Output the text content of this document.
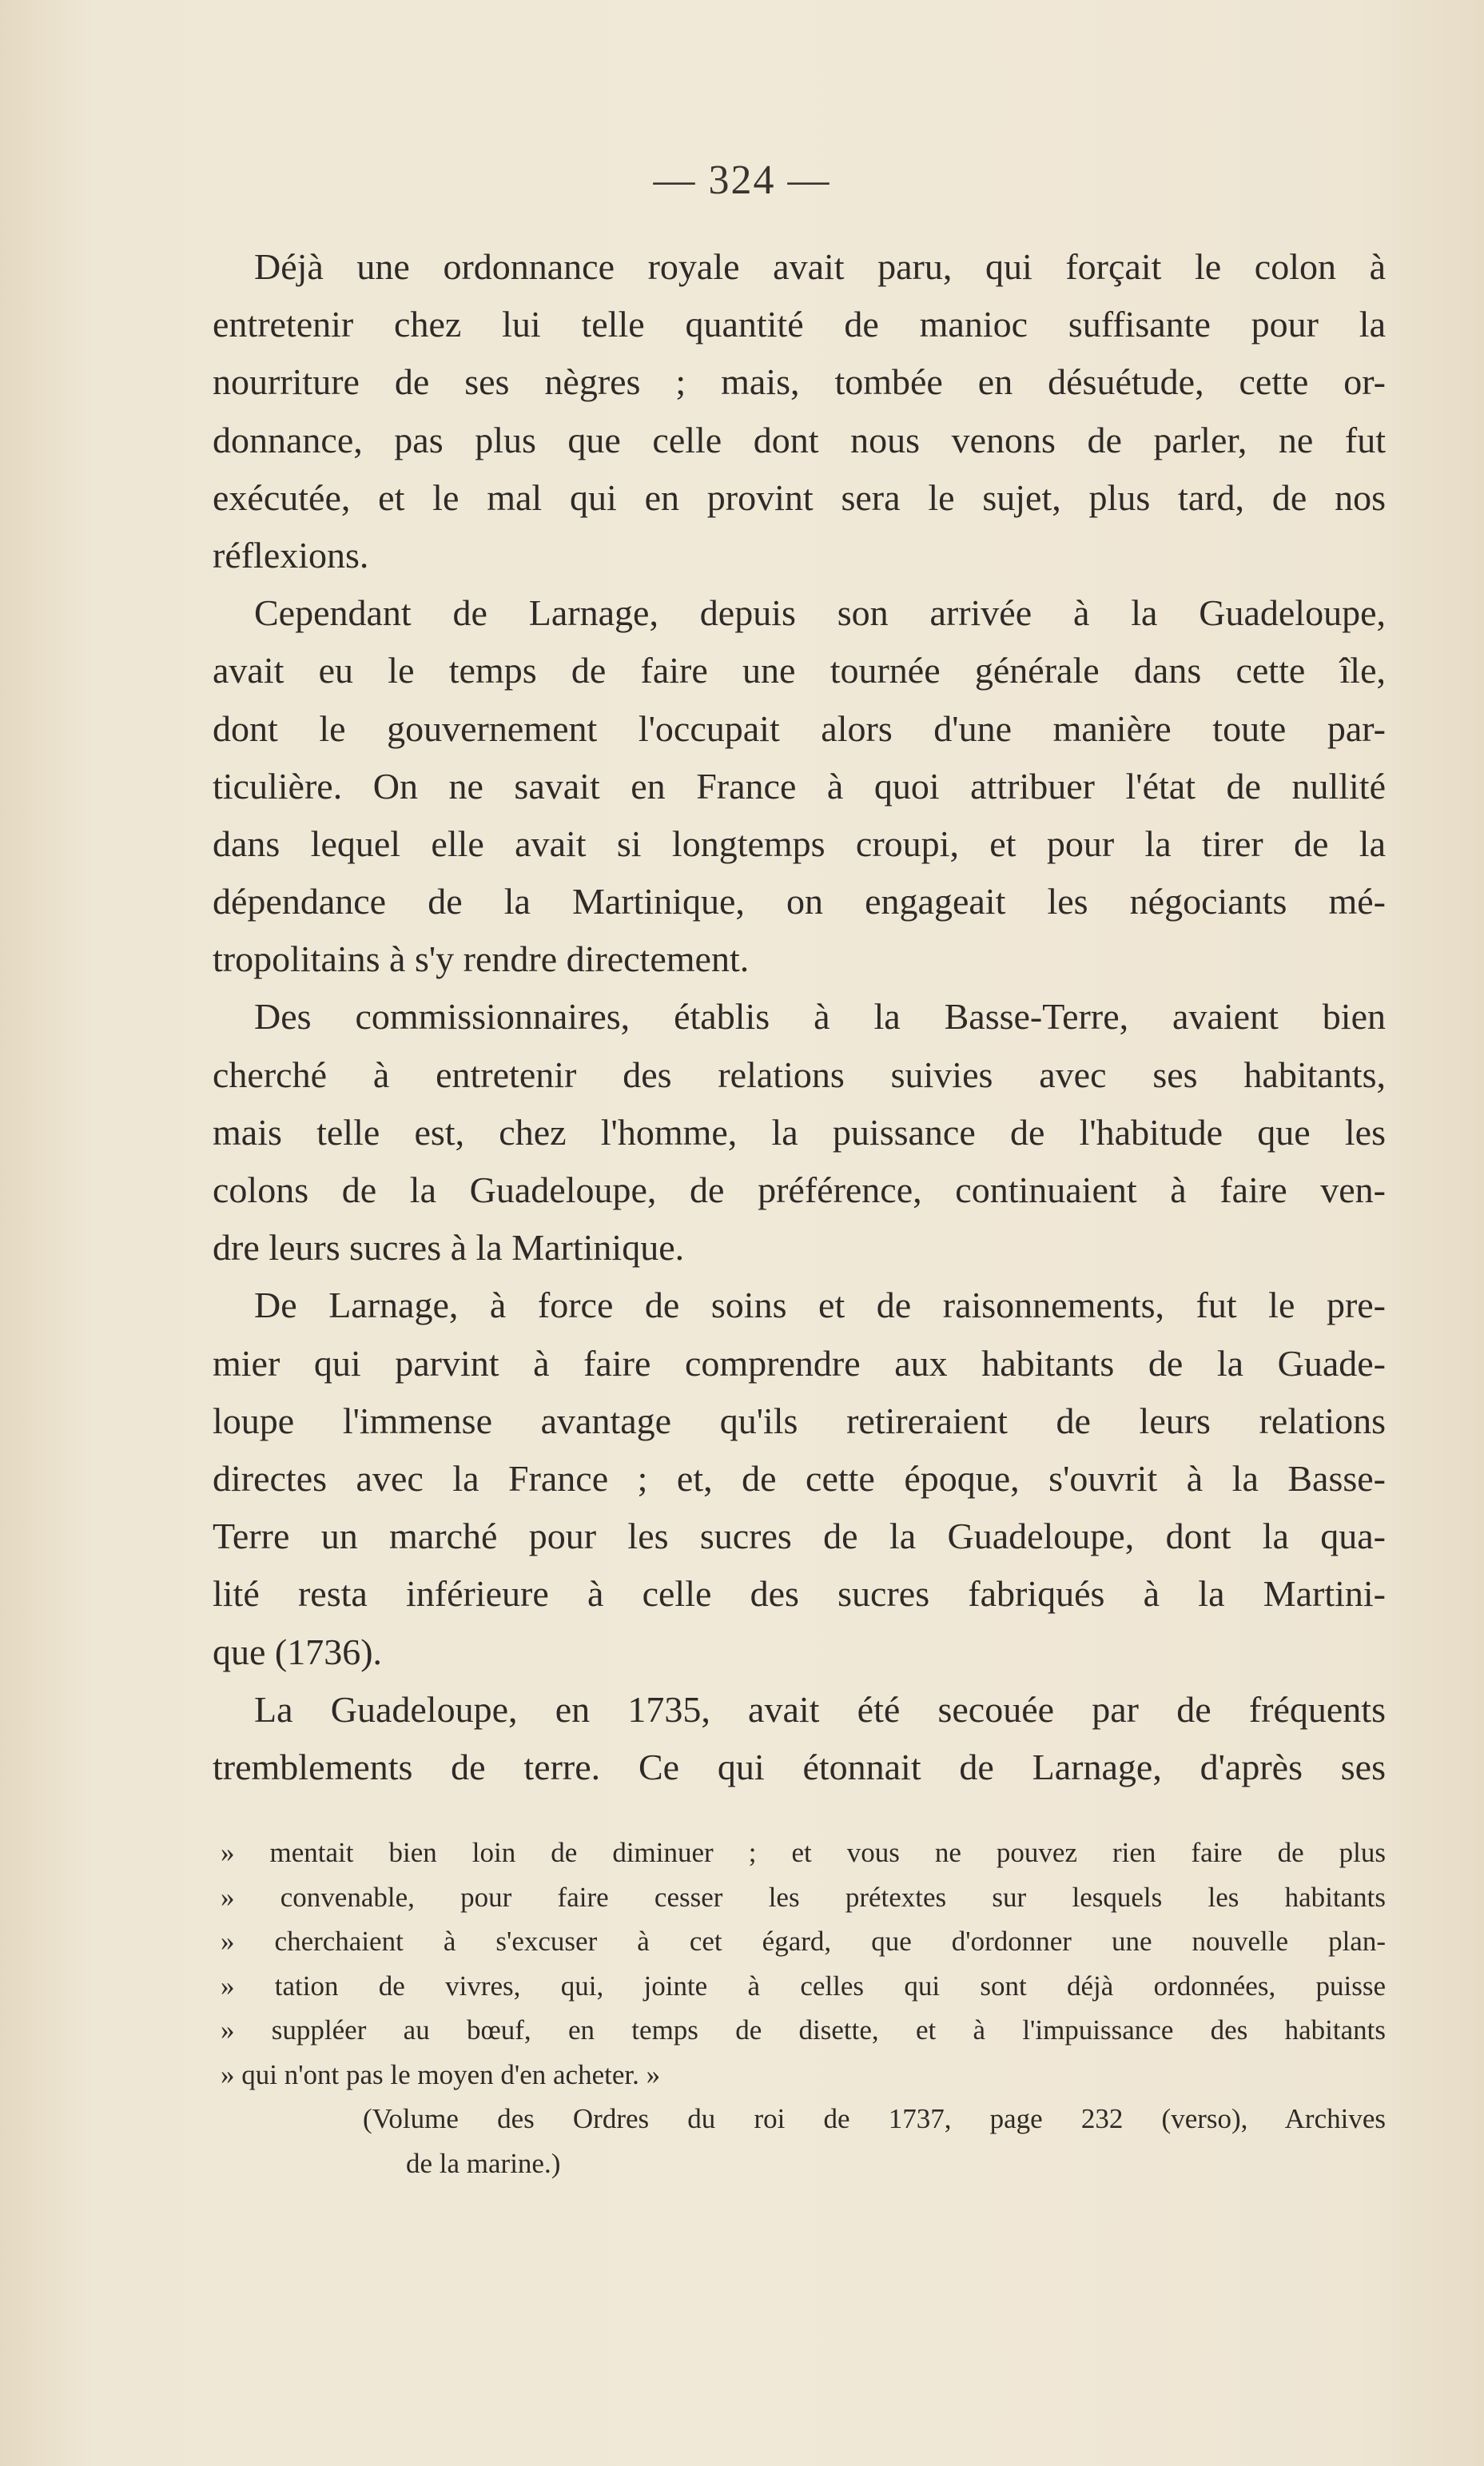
— 324 —
Déjà une ordonnance royale avait paru, qui forçait le colon à
entretenir chez lui telle quantité de manioc suffisante pour la
nourriture de ses nègres ; mais, tombée en désuétude, cette or-
donnance, pas plus que celle dont nous venons de parler, ne fut
exécutée, et le mal qui en provint sera le sujet, plus tard, de nos
réflexions.
Cependant de Larnage, depuis son arrivée à la Guadeloupe,
avait eu le temps de faire une tournée générale dans cette île,
dont le gouvernement l'occupait alors d'une manière toute par-
ticulière. On ne savait en France à quoi attribuer l'état de nullité
dans lequel elle avait si longtemps croupi, et pour la tirer de la
dépendance de la Martinique, on engageait les négociants mé-
tropolitains à s'y rendre directement.
Des commissionnaires, établis à la Basse-Terre, avaient bien
cherché à entretenir des relations suivies avec ses habitants,
mais telle est, chez l'homme, la puissance de l'habitude que les
colons de la Guadeloupe, de préférence, continuaient à faire ven-
dre leurs sucres à la Martinique.
De Larnage, à force de soins et de raisonnements, fut le pre-
mier qui parvint à faire comprendre aux habitants de la Guade-
loupe l'immense avantage qu'ils retireraient de leurs relations
directes avec la France ; et, de cette époque, s'ouvrit à la Basse-
Terre un marché pour les sucres de la Guadeloupe, dont la qua-
lité resta inférieure à celle des sucres fabriqués à la Martini-
que (1736).
La Guadeloupe, en 1735, avait été secouée par de fréquents
tremblements de terre. Ce qui étonnait de Larnage, d'après ses
» mentait bien loin de diminuer ; et vous ne pouvez rien faire de plus
» convenable, pour faire cesser les prétextes sur lesquels les habitants
» cherchaient à s'excuser à cet égard, que d'ordonner une nouvelle plan-
» tation de vivres, qui, jointe à celles qui sont déjà ordonnées, puisse
» suppléer au bœuf, en temps de disette, et à l'impuissance des habitants
» qui n'ont pas le moyen d'en acheter. »
(Volume des Ordres du roi de 1737, page 232 (verso), Archives
de la marine.)
